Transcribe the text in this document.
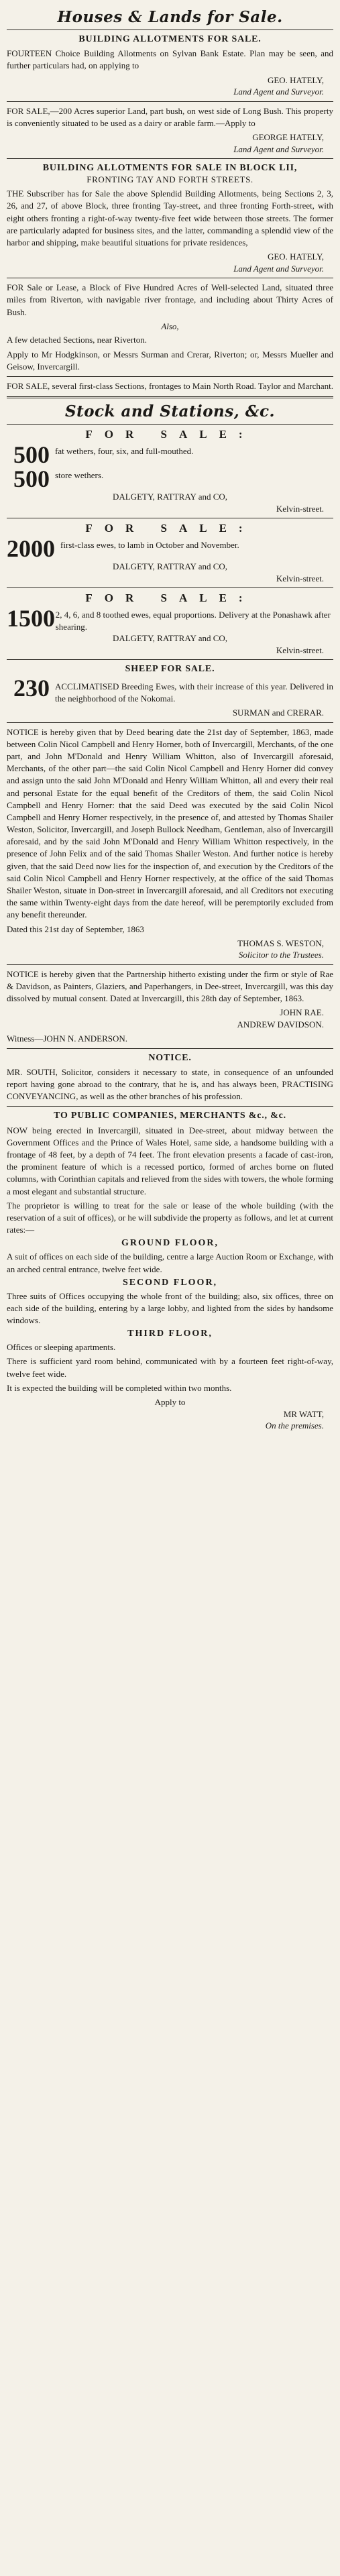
Houses & Lands for Sale.
BUILDING ALLOTMENTS FOR SALE.
FOURTEEN Choice Building Allotments on Sylvan Bank Estate. Plan may be seen, and further particulars had, on applying to
GEO. HATELY,
Land Agent and Surveyor.
FOR SALE,—200 Acres superior Land, part bush, on west side of Long Bush. This property is conveniently situated to be used as a dairy or arable farm.—Apply to
GEORGE HATELY,
Land Agent and Surveyor.
BUILDING ALLOTMENTS FOR SALE IN BLOCK LII,
FRONTING TAY AND FORTH STREETS.
THE Subscriber has for Sale the above Splendid Building Allotments, being Sections 2, 3, 26, and 27, of above Block, three fronting Tay-street, and three fronting Forth-street, with eight others fronting a right-of-way twenty-five feet wide between those streets. The former are particularly adapted for business sites, and the latter, commanding a splendid view of the harbor and shipping, make beautiful situations for private residences,
GEO. HATELY,
Land Agent and Surveyor.
FOR Sale or Lease, a Block of Five Hundred Acres of Well-selected Land, situated three miles from Riverton, with navigable river frontage, and including about Thirty Acres of Bush.
Also,
A few detached Sections, near Riverton.
Apply to Mr Hodgkinson, or Messrs Surman and Crerar, Riverton; or, Messrs Mueller and Geisow, Invercargill.
FOR SALE, several first-class Sections, frontages to Main North Road. Taylor and Marchant.
Stock and Stations, &c.
FOR SALE:
500 fat wethers, four, six, and full-mouthed.
500 store wethers.
DALGETY, RATTRAY and CO,
Kelvin-street.
FOR SALE:
2000 first-class ewes, to lamb in October and November.
DALGETY, RATTRAY and CO,
Kelvin-street.
FOR SALE:
1500 2, 4, 6, and 8 toothed ewes, equal proportions. Delivery at the Ponashawk after shearing.
DALGETY, RATTRAY and CO,
Kelvin-street.
SHEEP FOR SALE.
230 ACCLIMATISED Breeding Ewes, with their increase of this year. Delivered in the neighborhood of the Nokomai.
SURMAN and CRERAR.
NOTICE is hereby given that by Deed bearing date the 21st day of September, 1863, made between Colin Nicol Campbell and Henry Horner, both of Invercargill, Merchants, of the one part, and John M'Donald and Henry William Whitton, also of Invercargill aforesaid, Merchants, of the other part—the said Colin Nicol Campbell and Henry Horner did convey and assign unto the said John M'Donald and Henry William Whitton, all and every their real and personal Estate for the equal benefit of the Creditors of them, the said Colin Nicol Campbell and Henry Horner: that the said Deed was executed by the said Colin Nicol Campbell and Henry Horner respectively, in the presence of, and attested by Thomas Shailer Weston, Solicitor, Invercargill, and Joseph Bullock Needham, Gentleman, also of Invercargill aforesaid, and by the said John M'Donald and Henry William Whitton respectively, in the presence of John Felix and of the said Thomas Shailer Weston. And further notice is hereby given, that the said Deed now lies for the inspection of, and execution by the Creditors of the said Colin Nicol Campbell and Henry Horner respectively, at the office of the said Thomas Shailer Weston, situate in Don-street in Invercargill aforesaid, and all Creditors not executing the same within Twenty-eight days from the date hereof, will be peremptorily excluded from any benefit thereunder.
Dated this 21st day of September, 1863
THOMAS S. WESTON,
Solicitor to the Trustees.
NOTICE is hereby given that the Partnership hitherto existing under the firm or style of Rae & Davidson, as Painters, Glaziers, and Paperhangers, in Dee-street, Invercargill, was this day dissolved by mutual consent. Dated at Invercargill, this 28th day of September, 1863.
JOHN RAE.
ANDREW DAVIDSON.
Witness—JOHN N. ANDERSON.
NOTICE.
MR. SOUTH, Solicitor, considers it necessary to state, in consequence of an unfounded report having gone abroad to the contrary, that he is, and has always been, PRACTISING CONVEYANCING, as well as the other branches of his profession.
TO PUBLIC COMPANIES, MERCHANTS &c., &c.
NOW being erected in Invercargill, situated in Dee-street, about midway between the Government Offices and the Prince of Wales Hotel, same side, a handsome building with a frontage of 48 feet, by a depth of 74 feet. The front elevation presents a facade of cast-iron, the prominent feature of which is a recessed portico, formed of arches borne on fluted columns, with Corinthian capitals and relieved from the sides with towers, the whole forming a most elegant and substantial structure.
The proprietor is willing to treat for the sale or lease of the whole building (with the reservation of a suit of offices), or he will subdivide the property as follows, and let at current rates:—
GROUND FLOOR,
A suit of offices on each side of the building, centre a large Auction Room or Exchange, with an arched central entrance, twelve feet wide.
SECOND FLOOR,
Three suits of Offices occupying the whole front of the building; also, six offices, three on each side of the building, entering by a large lobby, and lighted from the sides by handsome windows.
THIRD FLOOR,
Offices or sleeping apartments.
There is sufficient yard room behind, communicated with by a fourteen feet right-of-way, twelve feet wide.
It is expected the building will be completed within two months.
Apply to
MR WATT,
On the premises.
